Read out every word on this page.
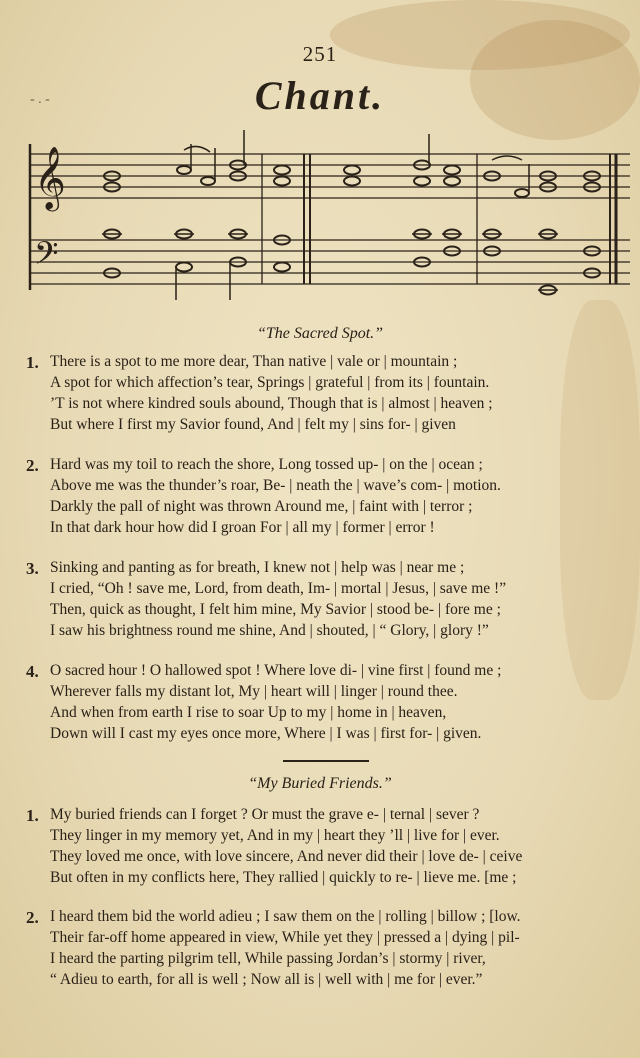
251
- . -	Chant.
𝄞
𝄢
“The Sacred Spot.”
1. There is a spot to me more dear, Than native | vale or | mountain ;
A spot for which affection’s tear, Springs | grateful | from its | fountain.
’T is not where kindred souls abound, Though that is | almost | heaven ;
But where I first my Savior found, And | felt my | sins for- | given
2. Hard was my toil to reach the shore, Long tossed up- | on the | ocean ;
Above me was the thunder’s roar, Be- | neath the | wave’s com- | motion.
Darkly the pall of night was thrown Around me, | faint with | terror ;
In that dark hour how did I groan For | all my | former | error !
3. Sinking and panting as for breath, I knew not | help was | near me ;
I cried, “Oh ! save me, Lord, from death, Im- | mortal | Jesus, | save me !”
Then, quick as thought, I felt him mine, My Savior | stood be- | fore me ;
I saw his brightness round me shine, And | shouted, | “ Glory, | glory !”
4. O sacred hour ! O hallowed spot ! Where love di- | vine first | found me ;
Wherever falls my distant lot, My | heart will | linger | round thee.
And when from earth I rise to soar Up to my | home in | heaven,
Down will I cast my eyes once more, Where | I was | first for- | given.
“My Buried Friends.”
1. My buried friends can I forget ? Or must the grave e- | ternal | sever ?
They linger in my memory yet, And in my | heart they ’ll | live for | ever.
They loved me once, with love sincere, And never did their | love de- | ceive
But often in my conflicts here, They rallied | quickly to re- | lieve me. [me ;
2. I heard them bid the world adieu ; I saw them on the | rolling | billow ; [low.
Their far-off home appeared in view, While yet they | pressed a | dying | pil-
I heard the parting pilgrim tell, While passing Jordan’s | stormy | river,
“ Adieu to earth, for all is well ; Now all is | well with | me for | ever.”
